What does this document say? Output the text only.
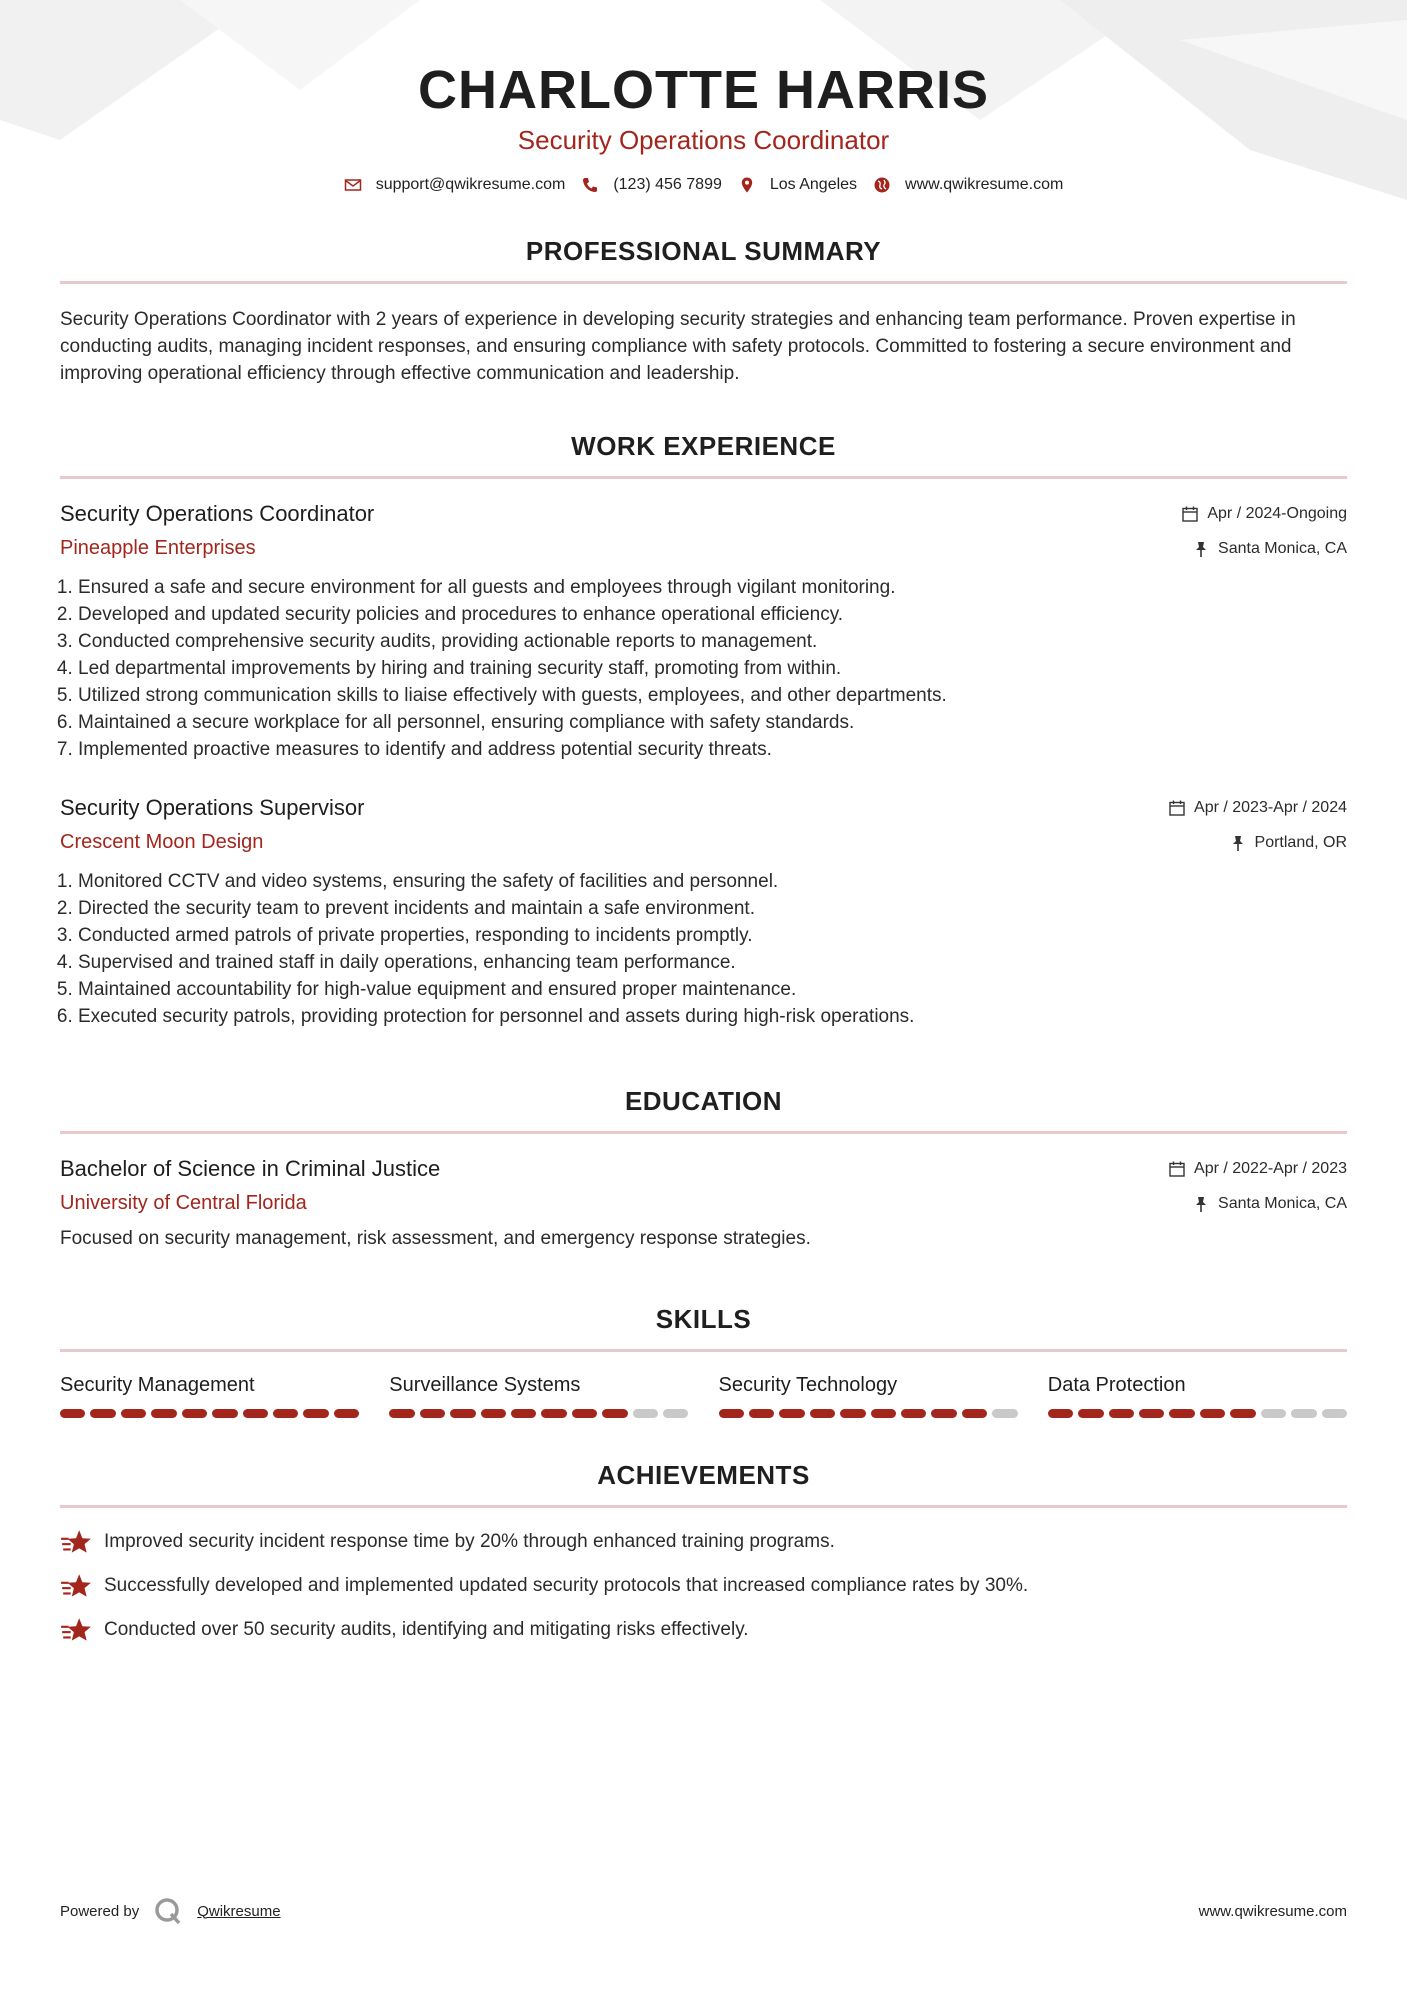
CHARLOTTE HARRIS
Security Operations Coordinator
support@qwikresume.com	(123) 456 7899	Los Angeles	www.qwikresume.com
PROFESSIONAL SUMMARY
Security Operations Coordinator with 2 years of experience in developing security strategies and enhancing team performance. Proven expertise in conducting audits, managing incident responses, and ensuring compliance with safety protocols. Committed to fostering a secure environment and improving operational efficiency through effective communication and leadership.
WORK EXPERIENCE
Security Operations Coordinator	Apr / 2024-Ongoing
Pineapple Enterprises	Santa Monica, CA
1. Ensured a safe and secure environment for all guests and employees through vigilant monitoring.
2. Developed and updated security policies and procedures to enhance operational efficiency.
3. Conducted comprehensive security audits, providing actionable reports to management.
4. Led departmental improvements by hiring and training security staff, promoting from within.
5. Utilized strong communication skills to liaise effectively with guests, employees, and other departments.
6. Maintained a secure workplace for all personnel, ensuring compliance with safety standards.
7. Implemented proactive measures to identify and address potential security threats.
Security Operations Supervisor	Apr / 2023-Apr / 2024
Crescent Moon Design	Portland, OR
1. Monitored CCTV and video systems, ensuring the safety of facilities and personnel.
2. Directed the security team to prevent incidents and maintain a safe environment.
3. Conducted armed patrols of private properties, responding to incidents promptly.
4. Supervised and trained staff in daily operations, enhancing team performance.
5. Maintained accountability for high-value equipment and ensured proper maintenance.
6. Executed security patrols, providing protection for personnel and assets during high-risk operations.
EDUCATION
Bachelor of Science in Criminal Justice	Apr / 2022-Apr / 2023
University of Central Florida	Santa Monica, CA
Focused on security management, risk assessment, and emergency response strategies.
SKILLS
Security Management	Surveillance Systems	Security Technology	Data Protection
ACHIEVEMENTS
Improved security incident response time by 20% through enhanced training programs.
Successfully developed and implemented updated security protocols that increased compliance rates by 30%.
Conducted over 50 security audits, identifying and mitigating risks effectively.
Powered by	Qwikresume	www.qwikresume.com
